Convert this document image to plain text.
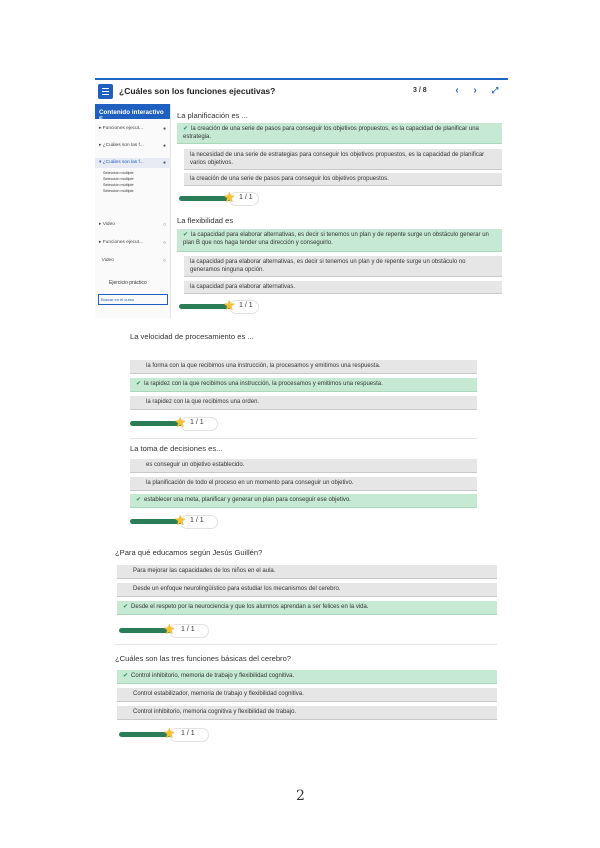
¿Cuáles son los funciones ejecutivas?	3 / 8	‹	›	⤢
Contenido interactivo F...
▸ Funciones ejecut...	●
▸ ¿Cuáles son las f...	●
▾ ¿Cuáles son las f...	●
Selección múltiple
Selección múltiple
Selección múltiple
Selección múltiple
▸ Video	○
▸ Funciones ejecut...	○
Video	○
Ejercicio práctico
Buscar en el curso
La planificación es ...
✔ la creación de una serie de pasos para conseguir los objetivos propuestos, es la capacidad de planificar una estrategia.
la necesidad de una serie de estrategias para conseguir los objetivos propuestos, es la capacidad de planificar varios objetivos.
la creación de una serie de pasos para conseguir los objetivos propuestos.
★ 1 / 1
La flexibilidad es
✔ la capacidad para elaborar alternativas, es decir si tenemos un plan y de repente surge un obstáculo generar un plan B que nos haga tender una dirección y conseguirlo.
la capacidad para elaborar alternativas, es decir si tenemos un plan y de repente surge un obstáculo no generamos ninguna opción.
la capacidad para elaborar alternativas.
★ 1 / 1
La velocidad de procesamiento es ...
la forma con la que recibimos una instrucción, la procesamos y emitimos una respuesta.
✔ la rapidez con la que recibimos una instrucción, la procesamos y emitimos una respuesta.
la rapidez con la que recibimos una orden.
★ 1 / 1
La toma de decisiones es...
es conseguir un objetivo establecido.
la planificación de todo el proceso en un momento para conseguir un objetivo.
✔ establecer una meta, planificar y generar un plan para conseguir ese objetivo.
★ 1 / 1
¿Para qué educamos según Jesús Guillén?
Para mejorar las capacidades de los niños en el aula.
Desde un enfoque neurolingüístico para estudiar los mecanismos del cerebro.
✔ Desde el respeto por la neurociencia y que los alumnos aprendan a ser felices en la vida.
★ 1 / 1
¿Cuáles son las tres funciones básicas del cerebro?
✔ Control inhibitorio, memoria de trabajo y flexibilidad cognitiva.
Control estabilizador, memoria de trabajo y flexibilidad cognitiva.
Control inhibitorio, memoria cognitiva y flexibilidad de trabajo.
★ 1 / 1
2
